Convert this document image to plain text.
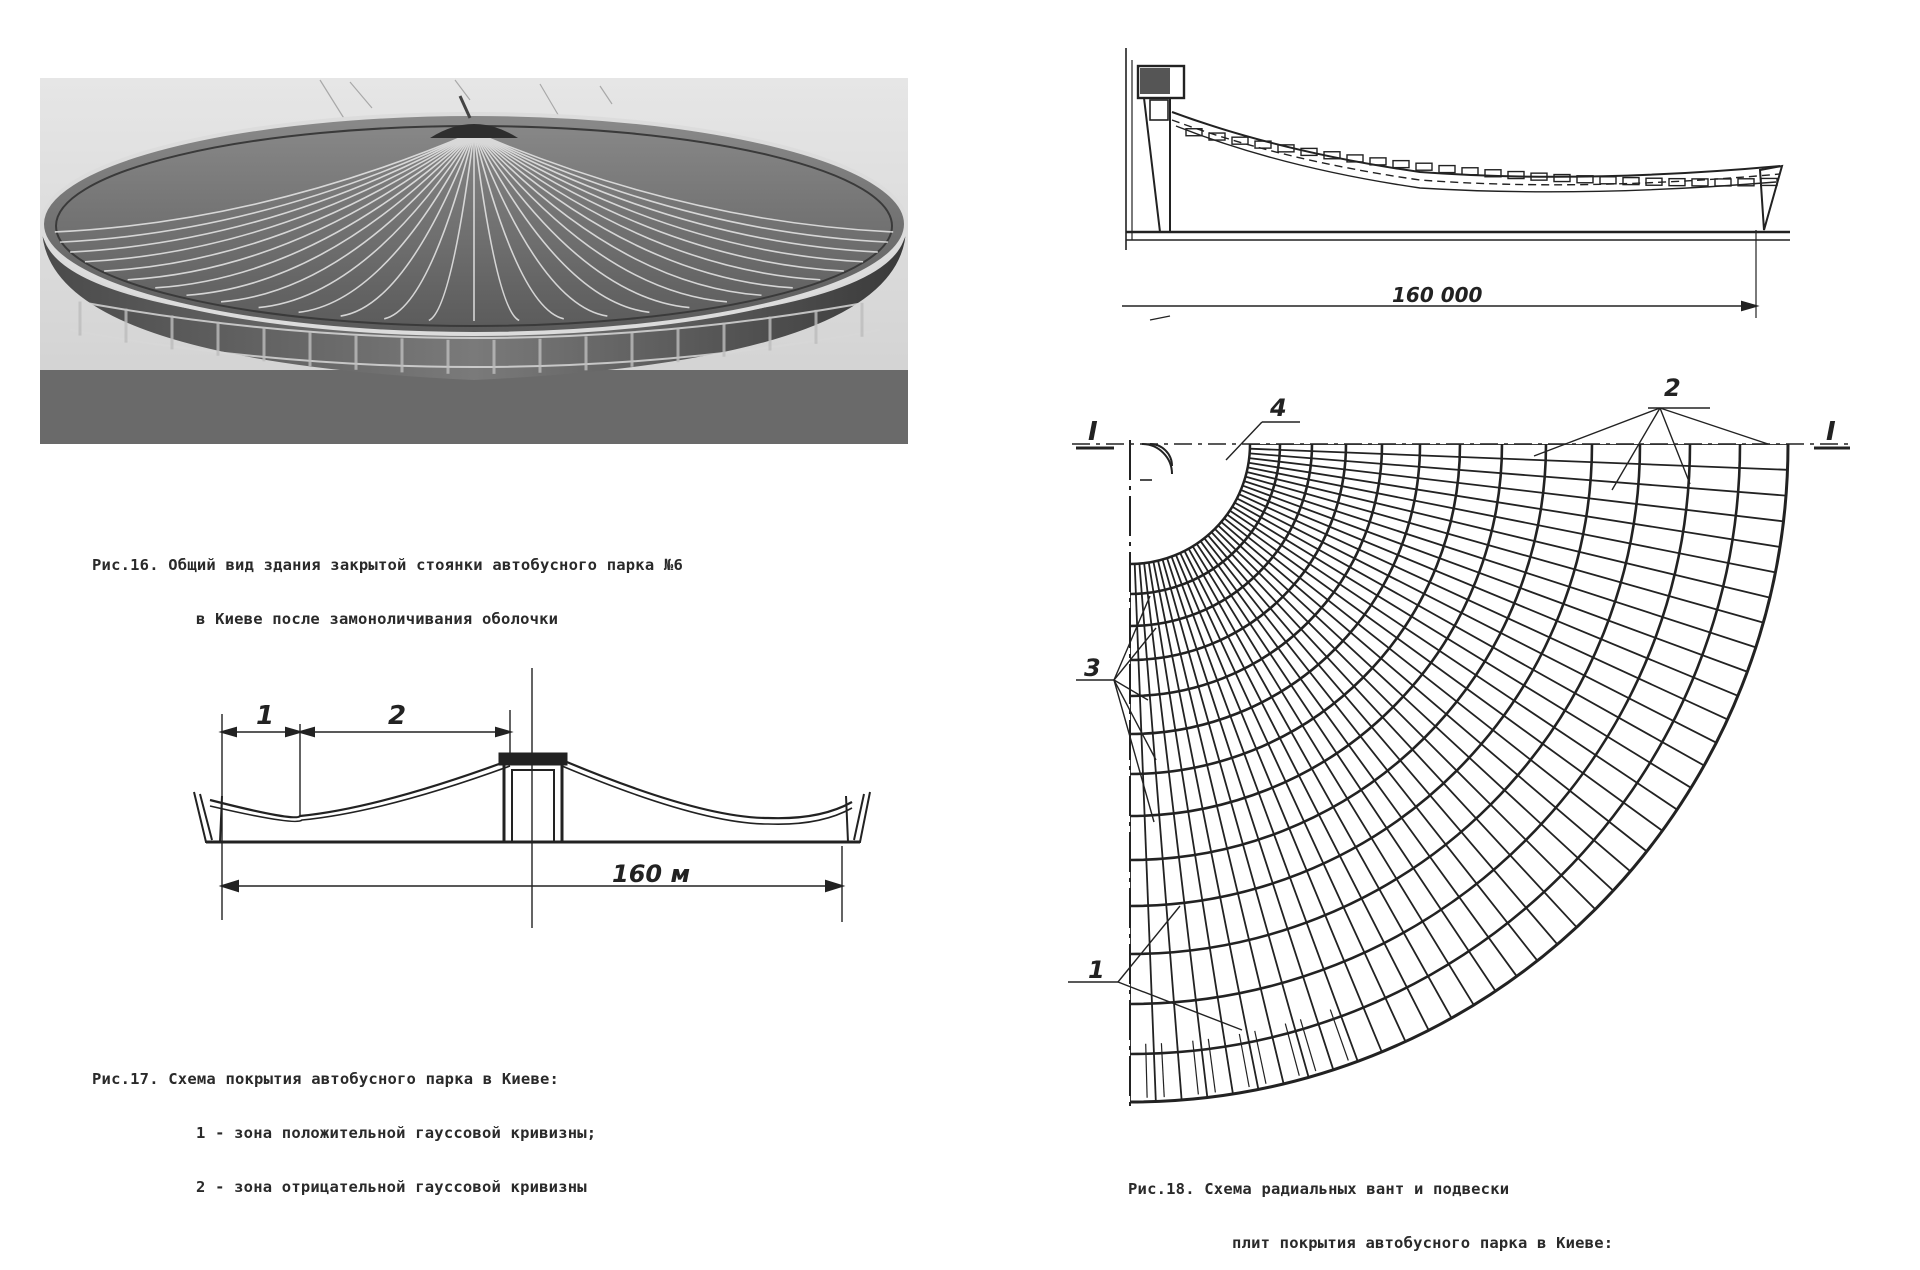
1	2
160 м
160 000
1
2
3
4
I	I

Рис.16. Общий вид здания закрытой стоянки автобусного парка №6

в Киеве после замоноличивания оболочки

Рис.17. Схема покрытия автобусного парка в Киеве:

1 - зона положительной гауссовой кривизны;

2 - зона отрицательной гауссовой кривизны

	Рис.18. Схема радиальных вант и подвески

плит покрытия автобусного парка в Киеве:
